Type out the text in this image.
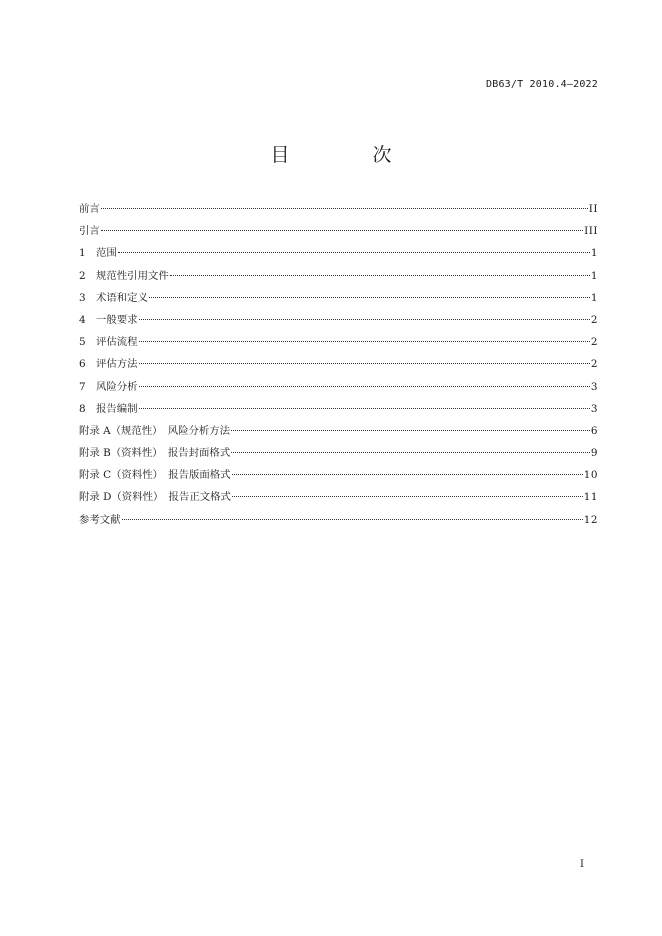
DB63/T 2010.4—2022
目　次
前言	II
引言	III
1　范围	1
2　规范性引用文件	1
3　术语和定义	1
4　一般要求	2
5　评估流程	2
6　评估方法	2
7　风险分析	3
8　报告编制	3
附录 A（规范性）　风险分析方法	6
附录 B（资料性）　报告封面格式	9
附录 C（资料性）　报告版面格式	10
附录 D（资料性）　报告正文格式	11
参考文献	12
I
